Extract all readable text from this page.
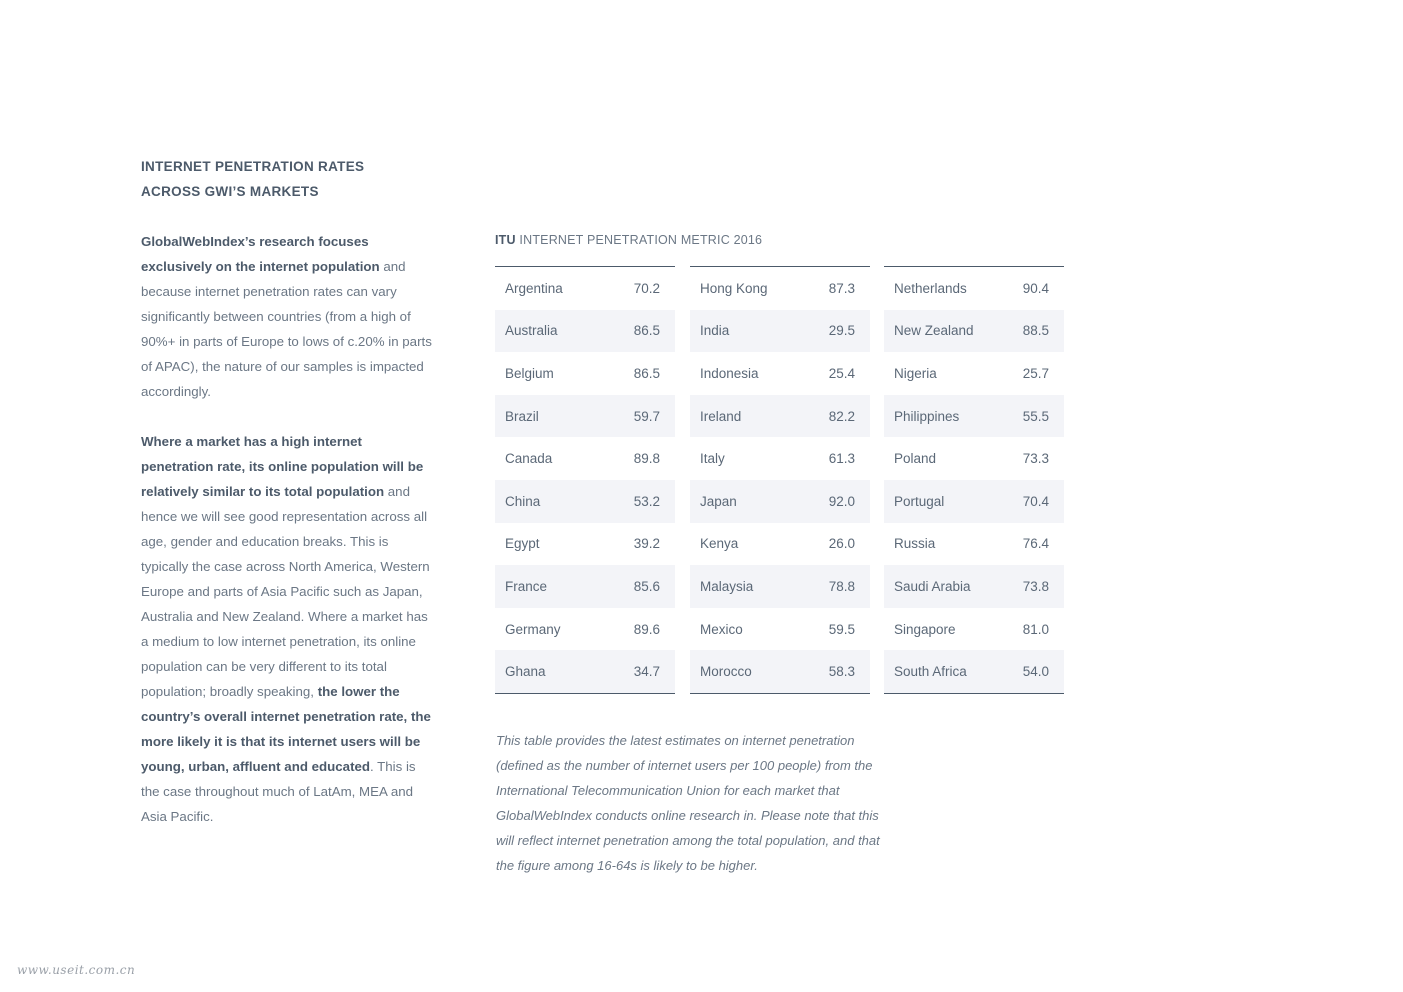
INTERNET PENETRATION RATES
ACROSS GWI’S MARKETS

GlobalWebIndex’s research focuses exclusively on the internet population and because internet penetration rates can vary significantly between countries (from a high of 90%+ in parts of Europe to lows of c.20% in parts of APAC), the nature of our samples is impacted accordingly.

Where a market has a high internet penetration rate, its online population will be relatively similar to its total population and hence we will see good representation across all age, gender and education breaks. This is typically the case across North America, Western Europe and parts of Asia Pacific such as Japan, Australia and New Zealand. Where a market has a medium to low internet penetration, its online population can be very different to its total population; broadly speaking, the lower the country’s overall internet penetration rate, the more likely it is that its internet users will be young, urban, affluent and educated. This is the case throughout much of LatAm, MEA and Asia Pacific.

ITU INTERNET PENETRATION METRIC 2016
Argentina	70.2
Australia	86.5
Belgium	86.5
Brazil	59.7
Canada	89.8
China	53.2
Egypt	39.2
France	85.6
Germany	89.6
Ghana	34.7
Hong Kong	87.3
India	29.5
Indonesia	25.4
Ireland	82.2
Italy	61.3
Japan	92.0
Kenya	26.0
Malaysia	78.8
Mexico	59.5
Morocco	58.3
Netherlands	90.4
New Zealand	88.5
Nigeria	25.7
Philippines	55.5
Poland	73.3
Portugal	70.4
Russia	76.4
Saudi Arabia	73.8
Singapore	81.0
South Africa	54.0
This table provides the latest estimates on internet penetration (defined as the number of internet users per 100 people) from the International Telecommunication Union for each market that GlobalWebIndex conducts online research in. Please note that this will reflect internet penetration among the total population, and that the figure among 16-64s is likely to be higher.
www.useit.com.cn
